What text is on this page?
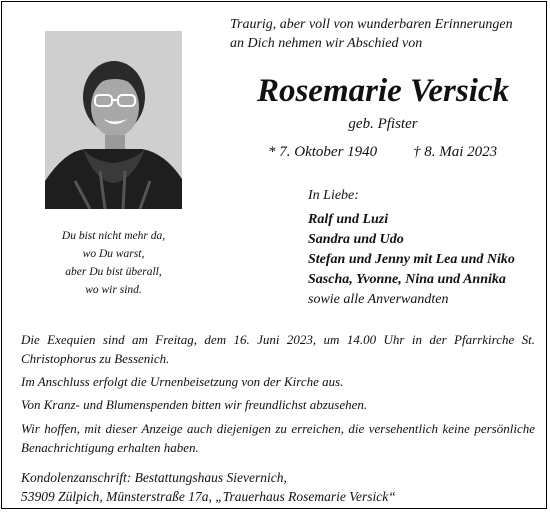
Traurig, aber voll von wunderbaren Erinnerungen
an Dich nehmen wir Abschied von
Rosemarie Versick
geb. Pfister
* 7. Oktober 1940 † 8. Mai 2023
Du bist nicht mehr da,
wo Du warst,
aber Du bist überall,
wo wir sind.
In Liebe:
Ralf und Luzi
Sandra und Udo
Stefan und Jenny mit Lea und Niko
Sascha, Yvonne, Nina und Annika
sowie alle Anverwandten
Die Exequien sind am Freitag, dem 16. Juni 2023, um 14.00 Uhr in der Pfarrkirche St. Christophorus zu Bessenich.
Im Anschluss erfolgt die Urnenbeisetzung von der Kirche aus.
Von Kranz- und Blumenspenden bitten wir freundlichst abzusehen.
Wir hoffen, mit dieser Anzeige auch diejenigen zu erreichen, die versehentlich keine persönliche Benachrichtigung erhalten haben.
Kondolenzanschrift: Bestattungshaus Sievernich,
53909 Zülpich, Münsterstraße 17a, „Trauerhaus Rosemarie Versick“
